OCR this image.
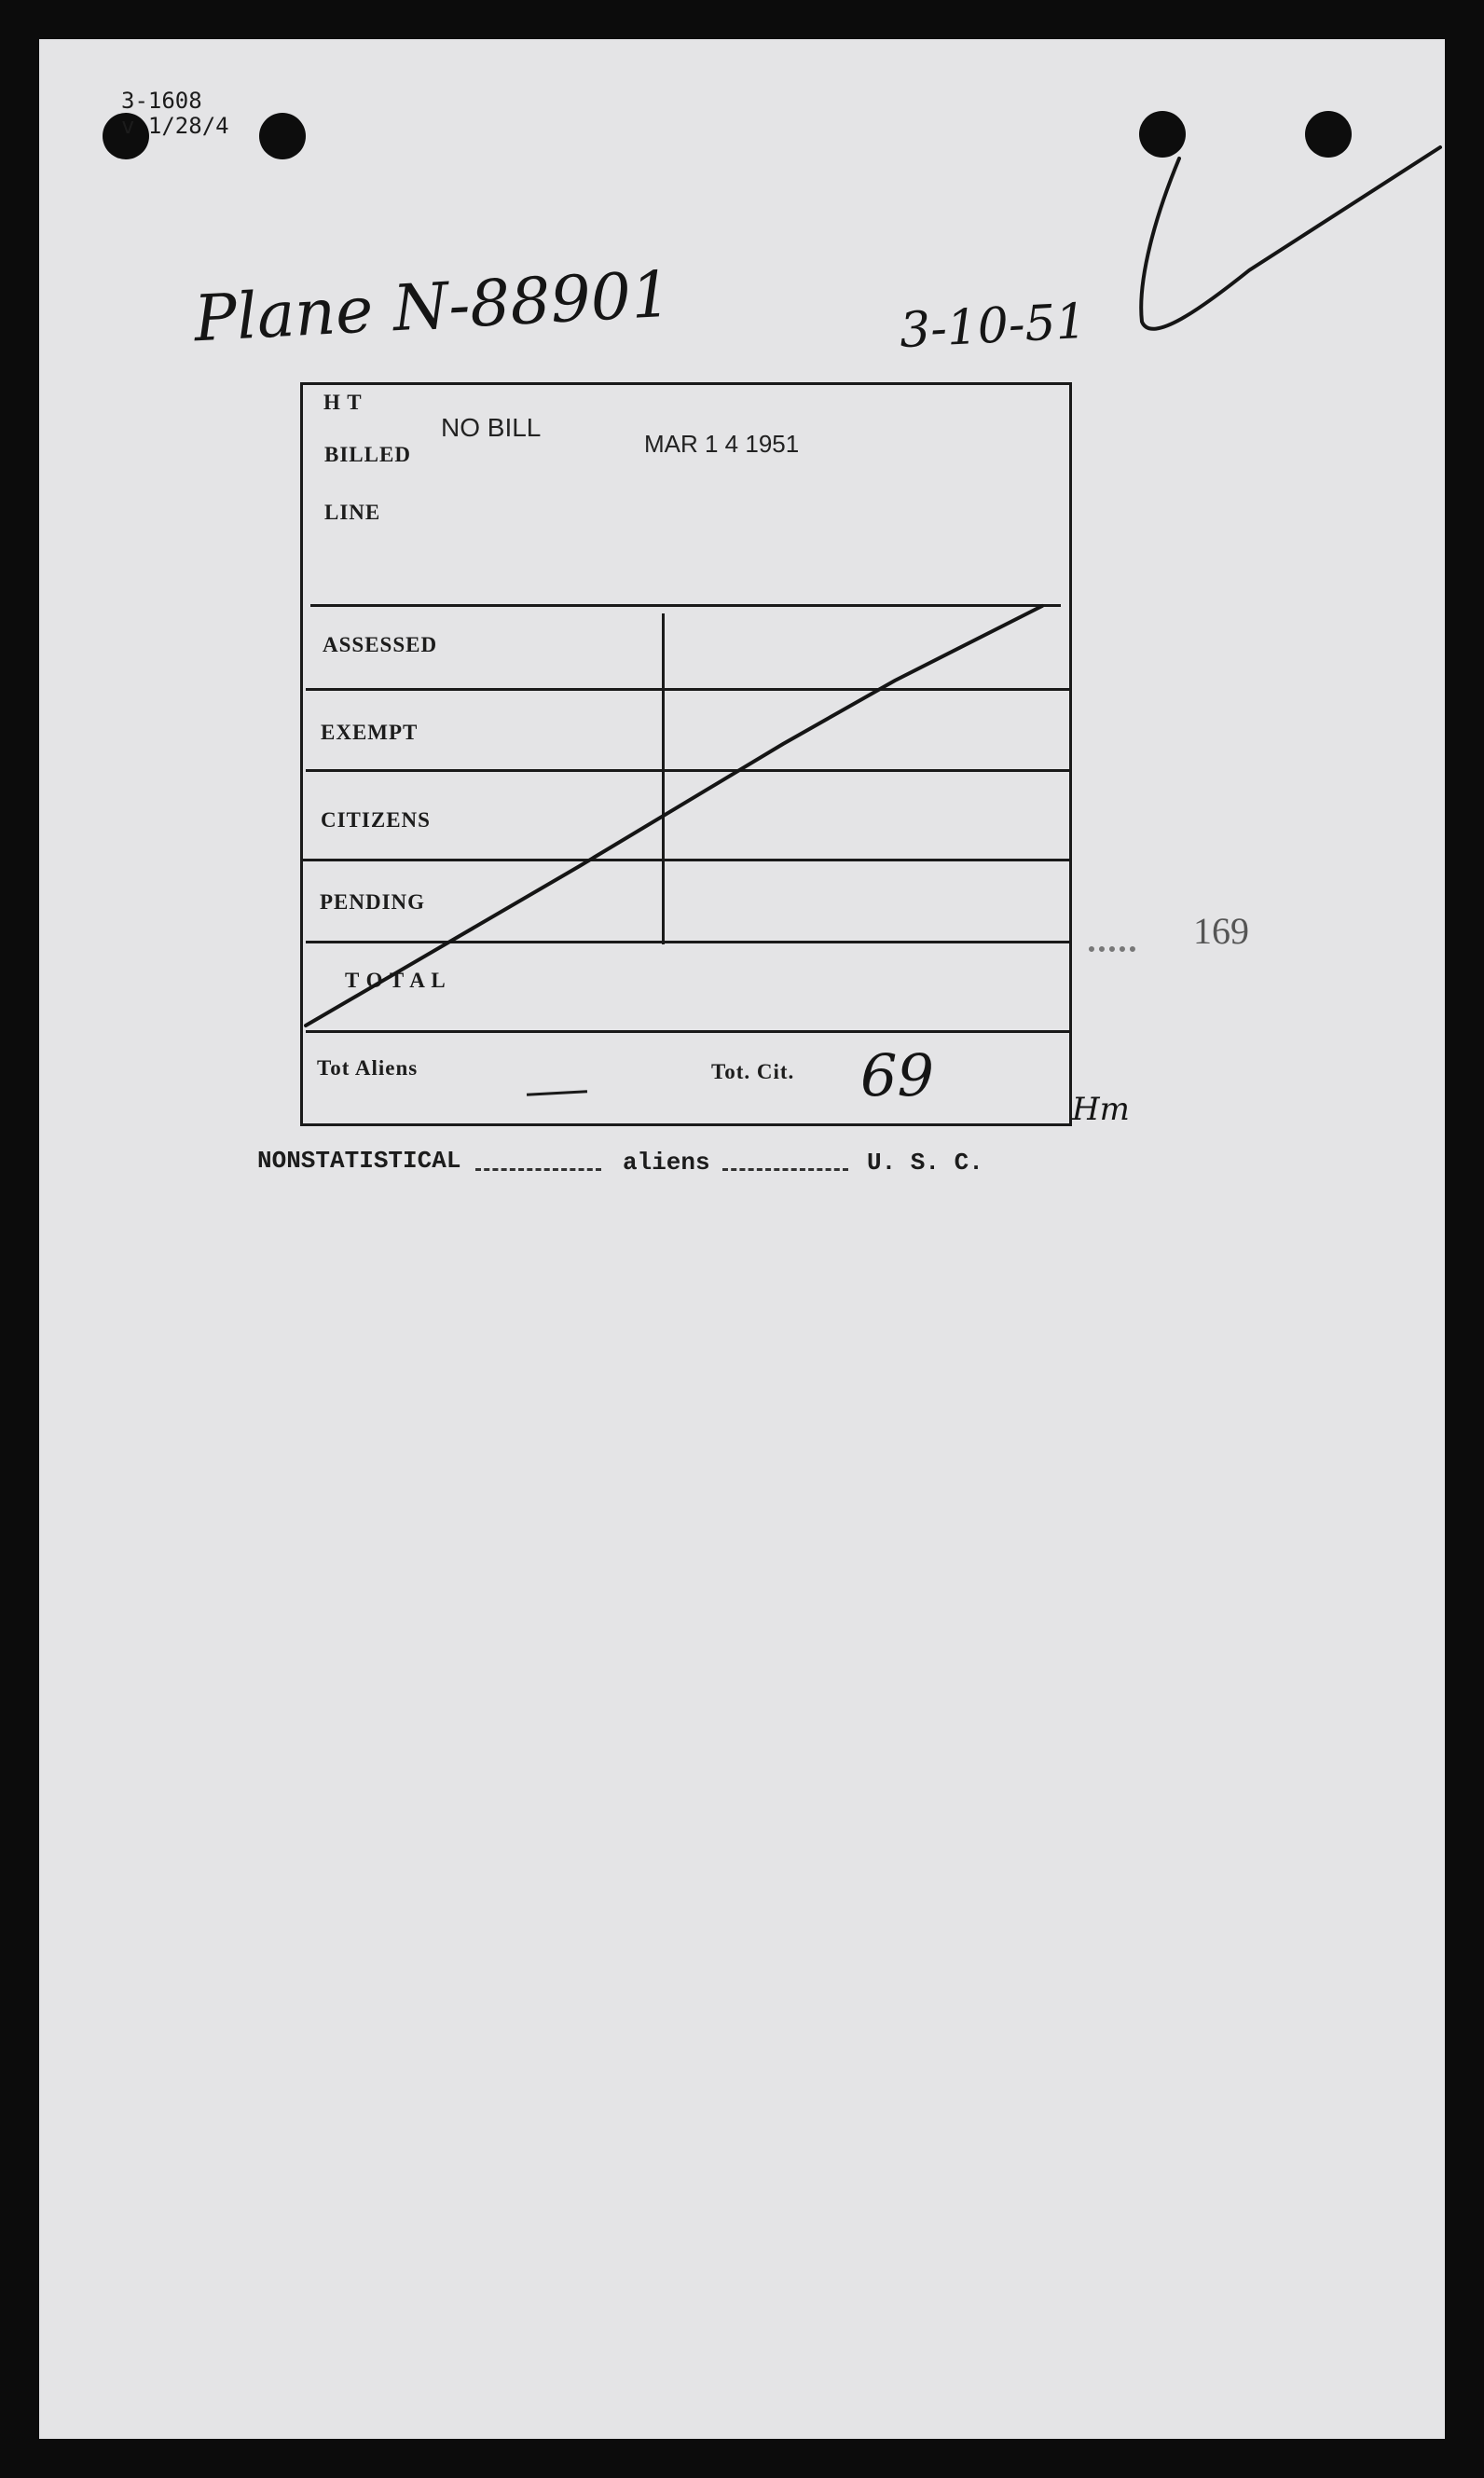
3-1608
v 1/28/4
Plane N-88901	3-10-51
H T
BILLED
LINE
NO BILL
MAR 1 4 1951
ASSESSED
EXEMPT
CITIZENS
PENDING
T O T A L
Tot Aliens	Tot. Cit. 69
169
Hm
NONSTATISTICAL	aliens	U. S. C.
